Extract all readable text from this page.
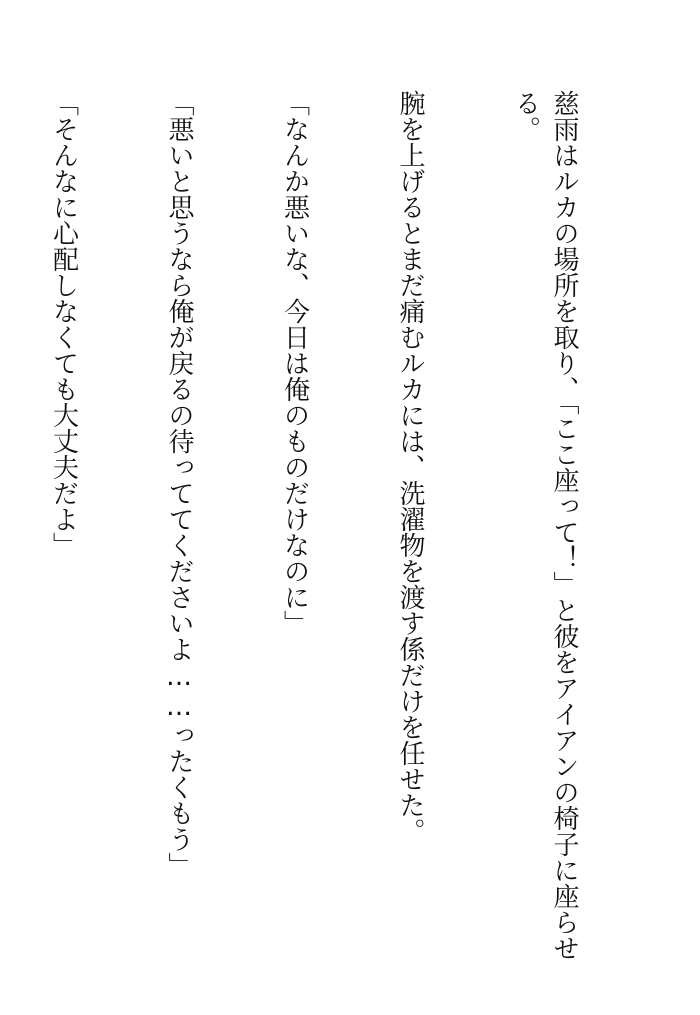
慈雨はルカの場所を取り、「ここ座って！」と彼をアイアンの椅子に座らせる。

腕を上げるとまだ痛むルカには、洗濯物を渡す係だけを任せた。

「なんか悪いな、今日は俺のものだけなのに」

「悪いと思うなら俺が戻るの待っててくださいよ……ったくもう」

「そんなに心配しなくても大丈夫だよ」
